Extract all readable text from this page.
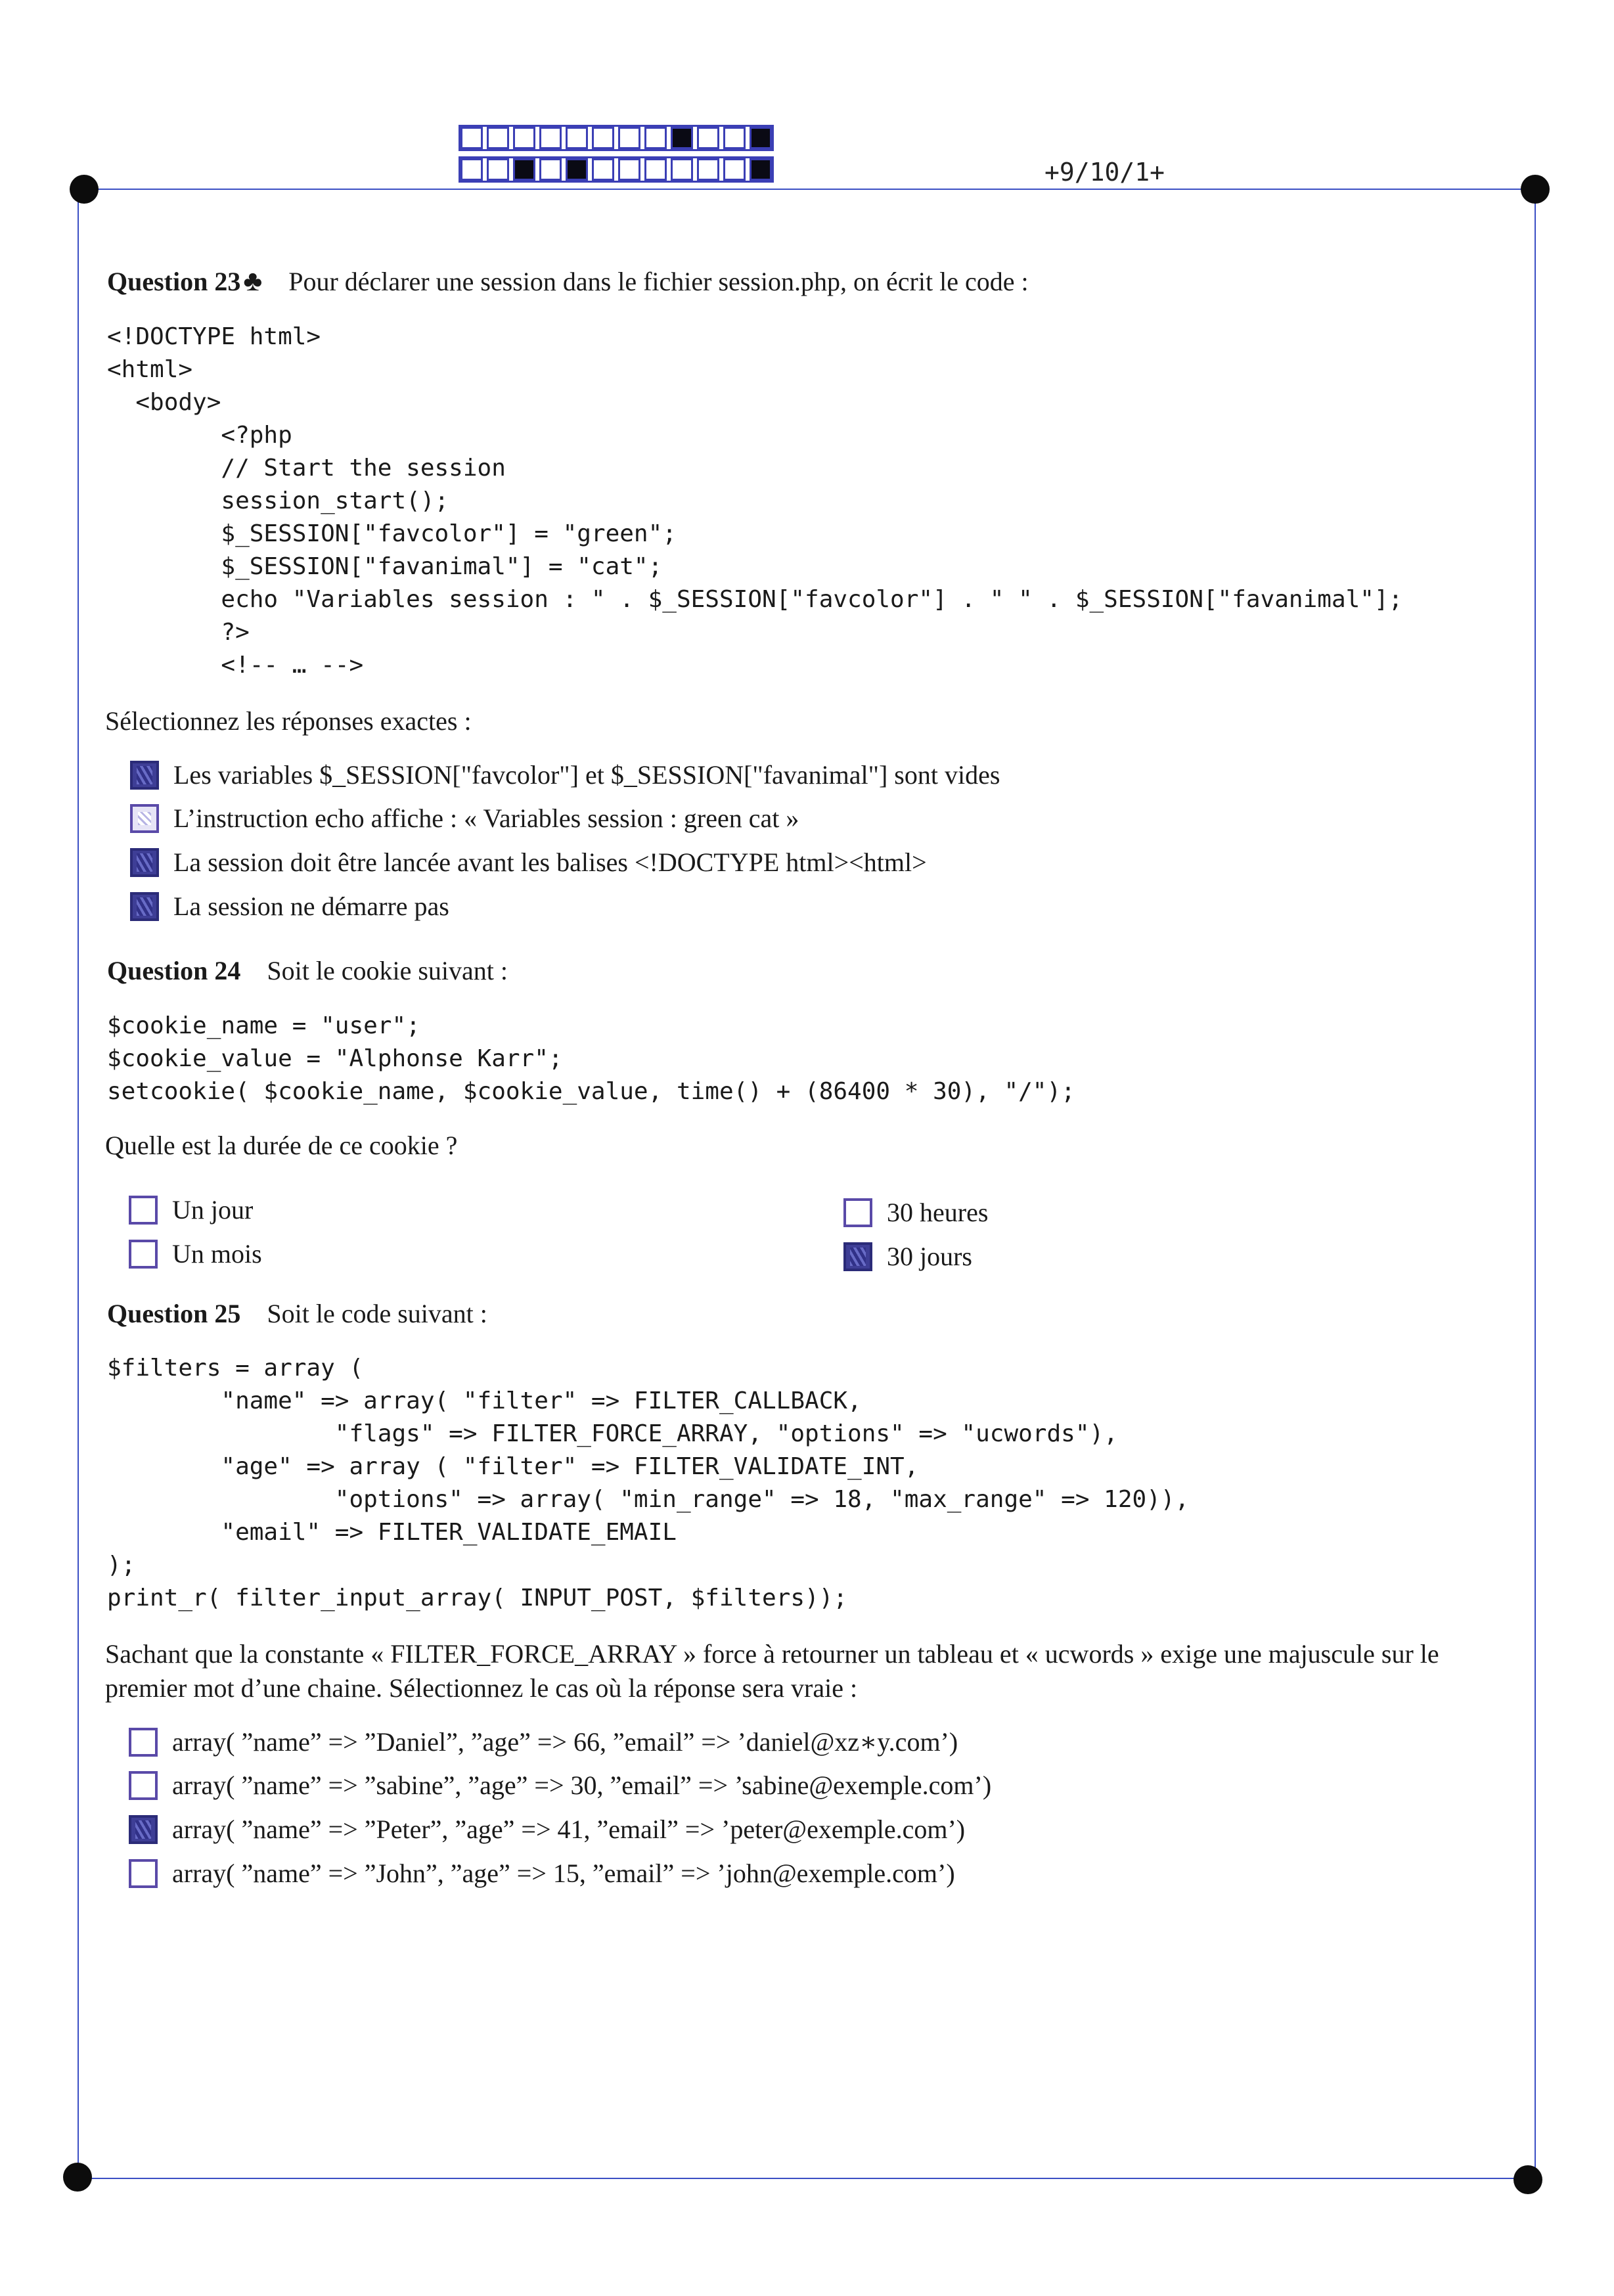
+9/10/1+
Question 23♣ Pour déclarer une session dans le fichier session.php, on écrit le code :
<!DOCTYPE html>
<html>
<body>
<?php
// Start the session
session_start();
$_SESSION["favcolor"] = "green";
$_SESSION["favanimal"] = "cat";
echo "Variables session : " . $_SESSION["favcolor"] . " " . $_SESSION["favanimal"];
?>
<!-- … -->
Sélectionnez les réponses exactes :
Les variables $_SESSION["favcolor"] et $_SESSION["favanimal"] sont vides
L’instruction echo affiche : « Variables session : green cat »
La session doit être lancée avant les balises <!DOCTYPE html><html>
La session ne démarre pas
Question 24 Soit le cookie suivant :
$cookie_name = "user";
$cookie_value = "Alphonse Karr";
setcookie( $cookie_name, $cookie_value, time() + (86400 * 30), "/");
Quelle est la durée de ce cookie ?
Un jour	30 heures
Un mois	30 jours
Question 25 Soit le code suivant :
$filters = array (
"name" => array( "filter" => FILTER_CALLBACK,
"flags" => FILTER_FORCE_ARRAY, "options" => "ucwords"),
"age" => array ( "filter" => FILTER_VALIDATE_INT,
"options" => array( "min_range" => 18, "max_range" => 120)),
"email" => FILTER_VALIDATE_EMAIL
);
print_r( filter_input_array( INPUT_POST, $filters));
Sachant que la constante « FILTER_FORCE_ARRAY » force à retourner un tableau et « ucwords » exige une majuscule sur le premier mot d’une chaine. Sélectionnez le cas où la réponse sera vraie :
array( ”name” => ”Daniel”, ”age” => 66, ”email” => ’daniel@xz∗y.com’)
array( ”name” => ”sabine”, ”age” => 30, ”email” => ’sabine@exemple.com’)
array( ”name” => ”Peter”, ”age” => 41, ”email” => ’peter@exemple.com’)
array( ”name” => ”John”, ”age” => 15, ”email” => ’john@exemple.com’)
